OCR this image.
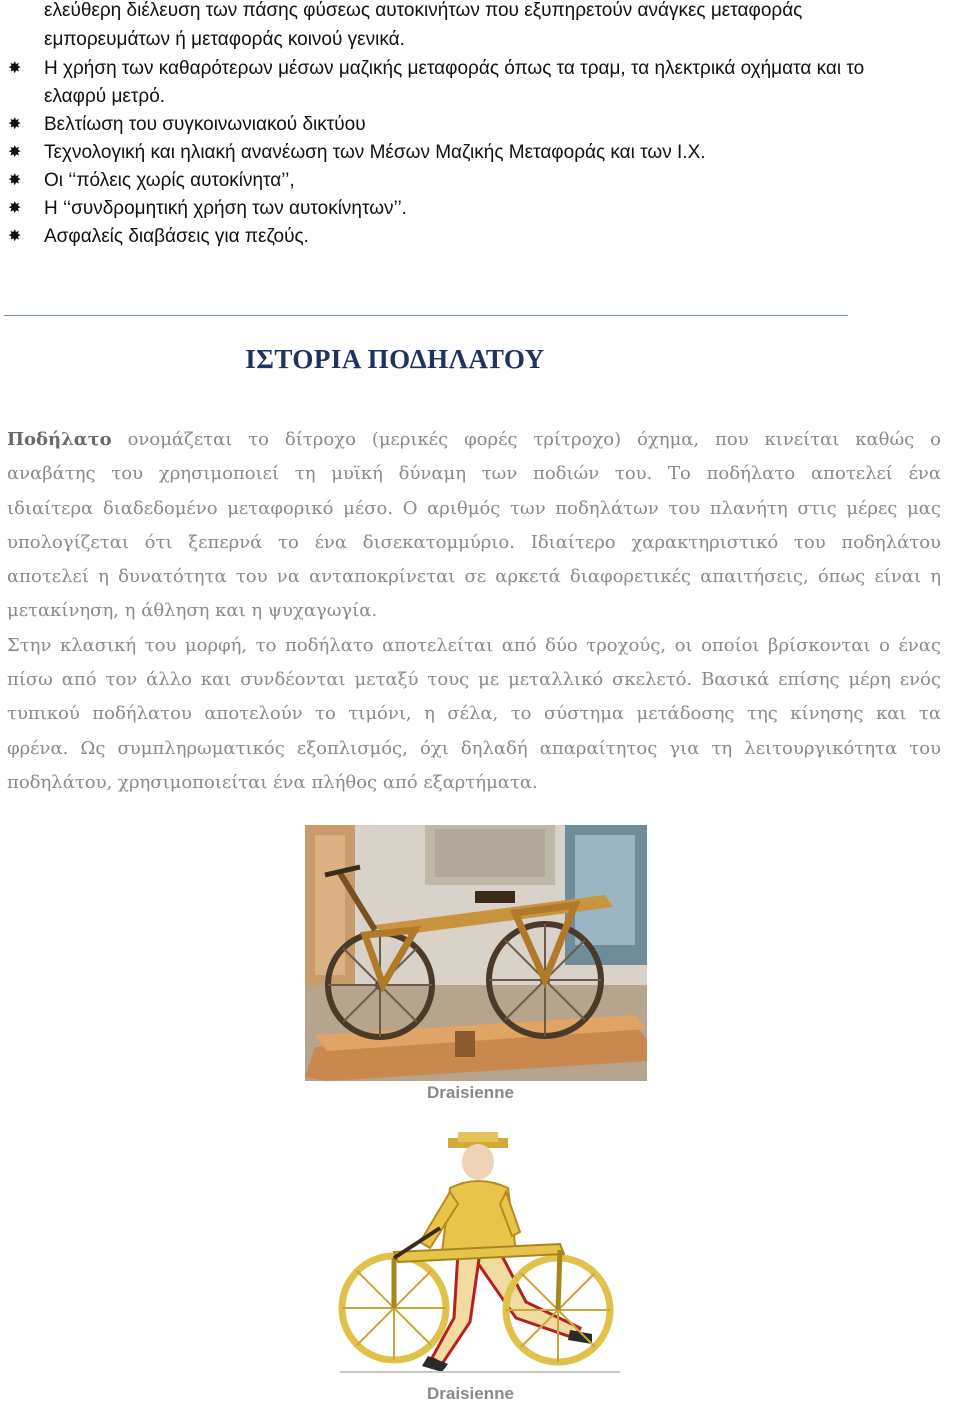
ελεύθερη διέλευση των πάσης φύσεως αυτοκινήτων που εξυπηρετούν ανάγκες μεταφοράς
εμπορευμάτων ή μεταφοράς κοινού γενικά.
✸ Η χρήση των καθαρότερων μέσων μαζικής μεταφοράς όπως τα τραμ, τα ηλεκτρικά οχήματα και το
ελαφρύ μετρό.
✸ Βελτίωση του συγκοινωνιακού δικτύου
✸ Τεχνολογική και ηλιακή ανανέωση των Μέσων Μαζικής Μεταφοράς και των Ι.Χ.
✸ Οι ‘‘πόλεις χωρίς αυτοκίνητα’’,
✸ Η ‘‘συνδρομητική χρήση των αυτοκίνητων’’.
✸ Ασφαλείς διαβάσεις για πεζούς.
ΙΣΤΟΡΙΑ ΠΟΔΗΛΑΤΟΥ

Ποδήλατο ονομάζεται το δίτροχο (μερικές φορές τρίτροχο) όχημα, που κινείται καθώς ο
αναβάτης του χρησιμοποιεί τη μυϊκή δύναμη των ποδιών του. Το ποδήλατο αποτελεί ένα
ιδιαίτερα διαδεδομένο μεταφορικό μέσο. Ο αριθμός των ποδηλάτων του πλανήτη στις μέρες μας
υπολογίζεται ότι ξεπερνά το ένα δισεκατομμύριο. Ιδιαίτερο χαρακτηριστικό του ποδηλάτου
αποτελεί η δυνατότητα του να ανταποκρίνεται σε αρκετά διαφορετικές απαιτήσεις, όπως είναι η
μετακίνηση, η άθληση και η ψυχαγωγία.

Στην κλασική του μορφή, το ποδήλατο αποτελείται από δύο τροχούς, οι οποίοι βρίσκονται ο ένας
πίσω από τον άλλο και συνδέονται μεταξύ τους με μεταλλικό σκελετό. Βασικά επίσης μέρη ενός
τυπικού ποδήλατου αποτελούν το τιμόνι, η σέλα, το σύστημα μετάδοσης της κίνησης και τα
φρένα. Ως συμπληρωματικός εξοπλισμός, όχι δηλαδή απαραίτητος για τη λειτουργικότητα του
ποδηλάτου, χρησιμοποιείται ένα πλήθος από εξαρτήματα.

Draisienne
Draisienne
